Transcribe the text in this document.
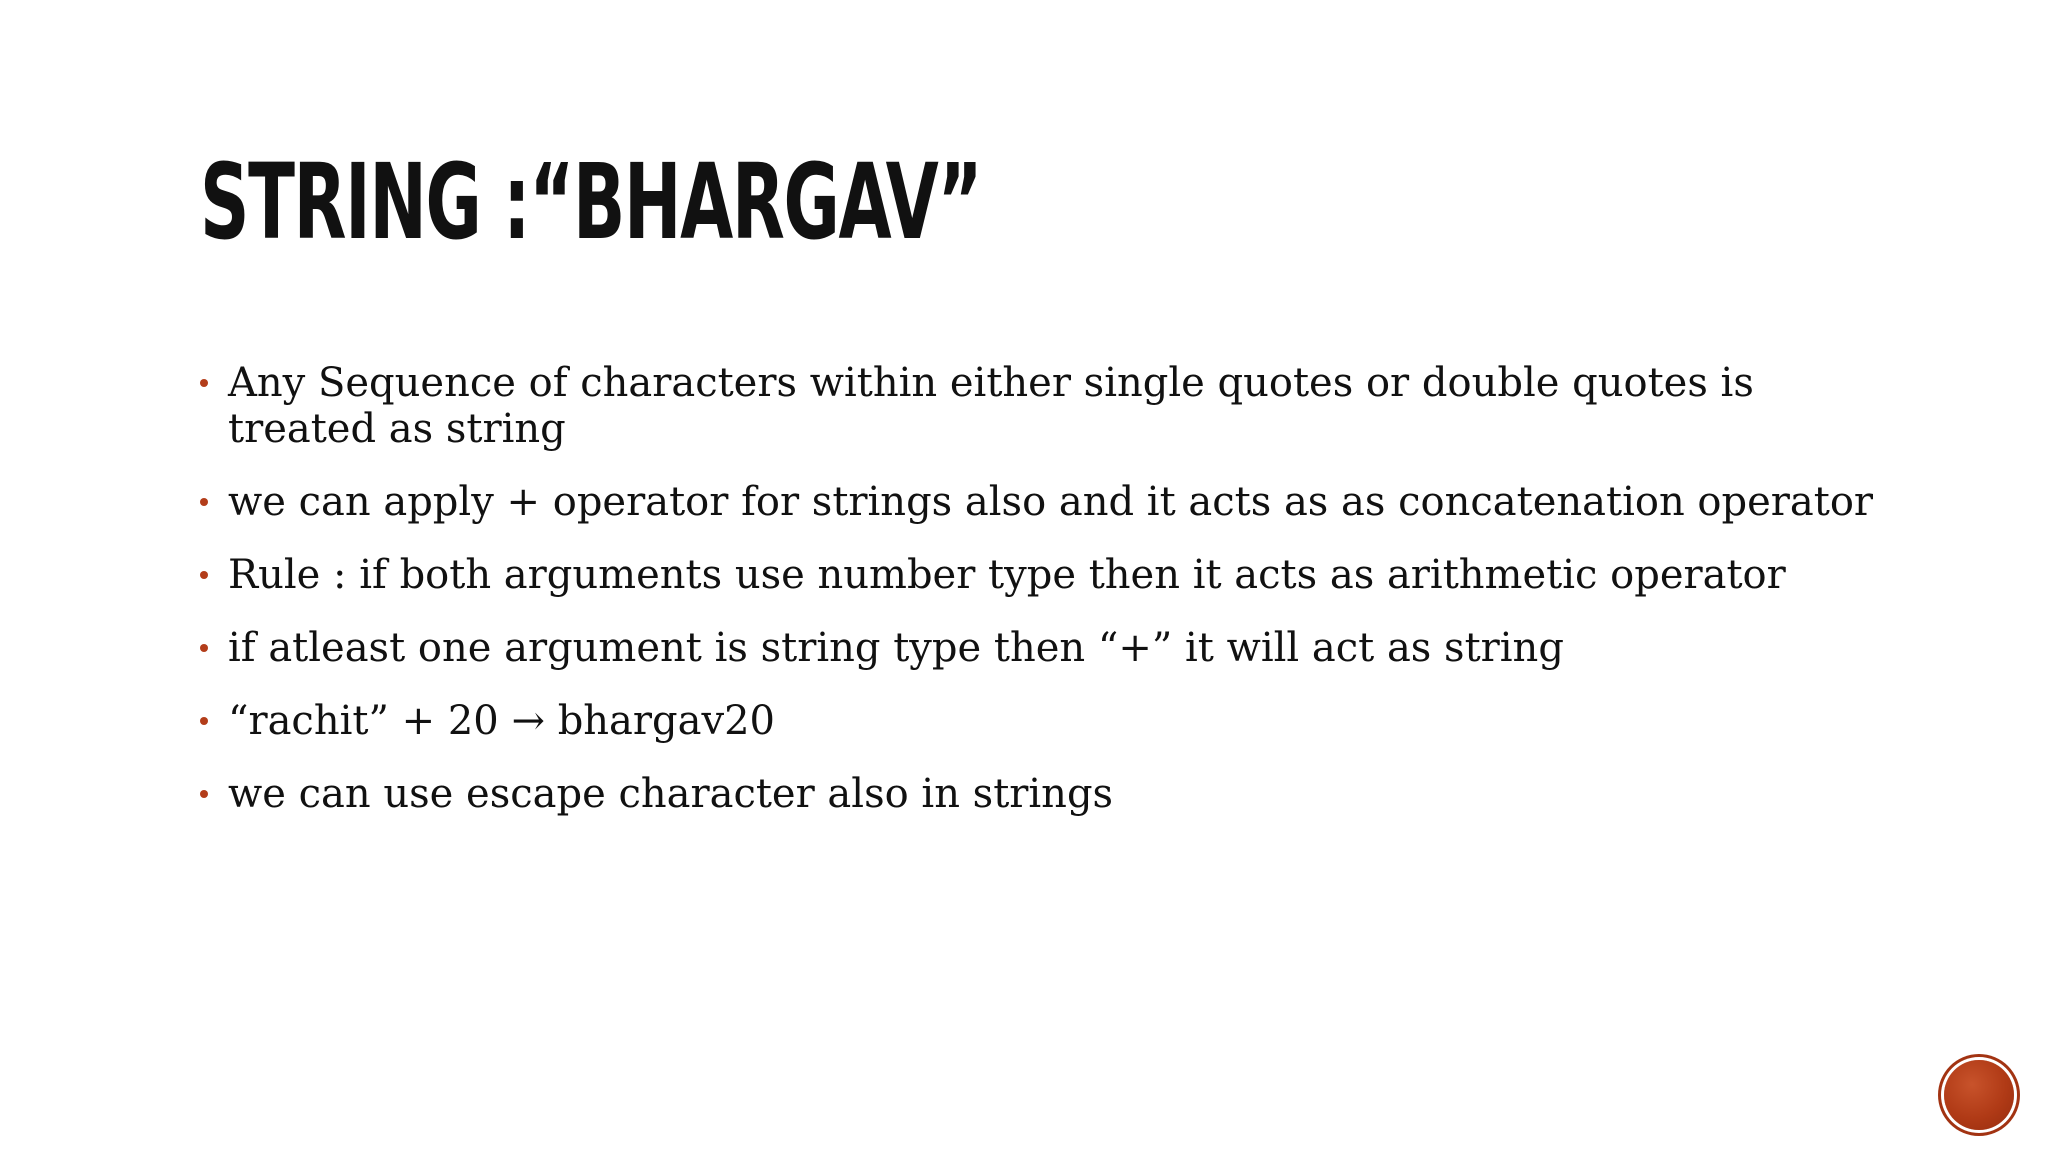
STRING :“BHARGAV”
Any Sequence of characters within either single quotes or double quotes is treated as string
we can apply + operator for strings also and it acts as as concatenation operator
Rule : if both arguments use number type then it acts as arithmetic operator
if atleast one argument is string type then “+” it will act as string
“rachit” + 20 → bhargav20
we can use escape character also in strings
